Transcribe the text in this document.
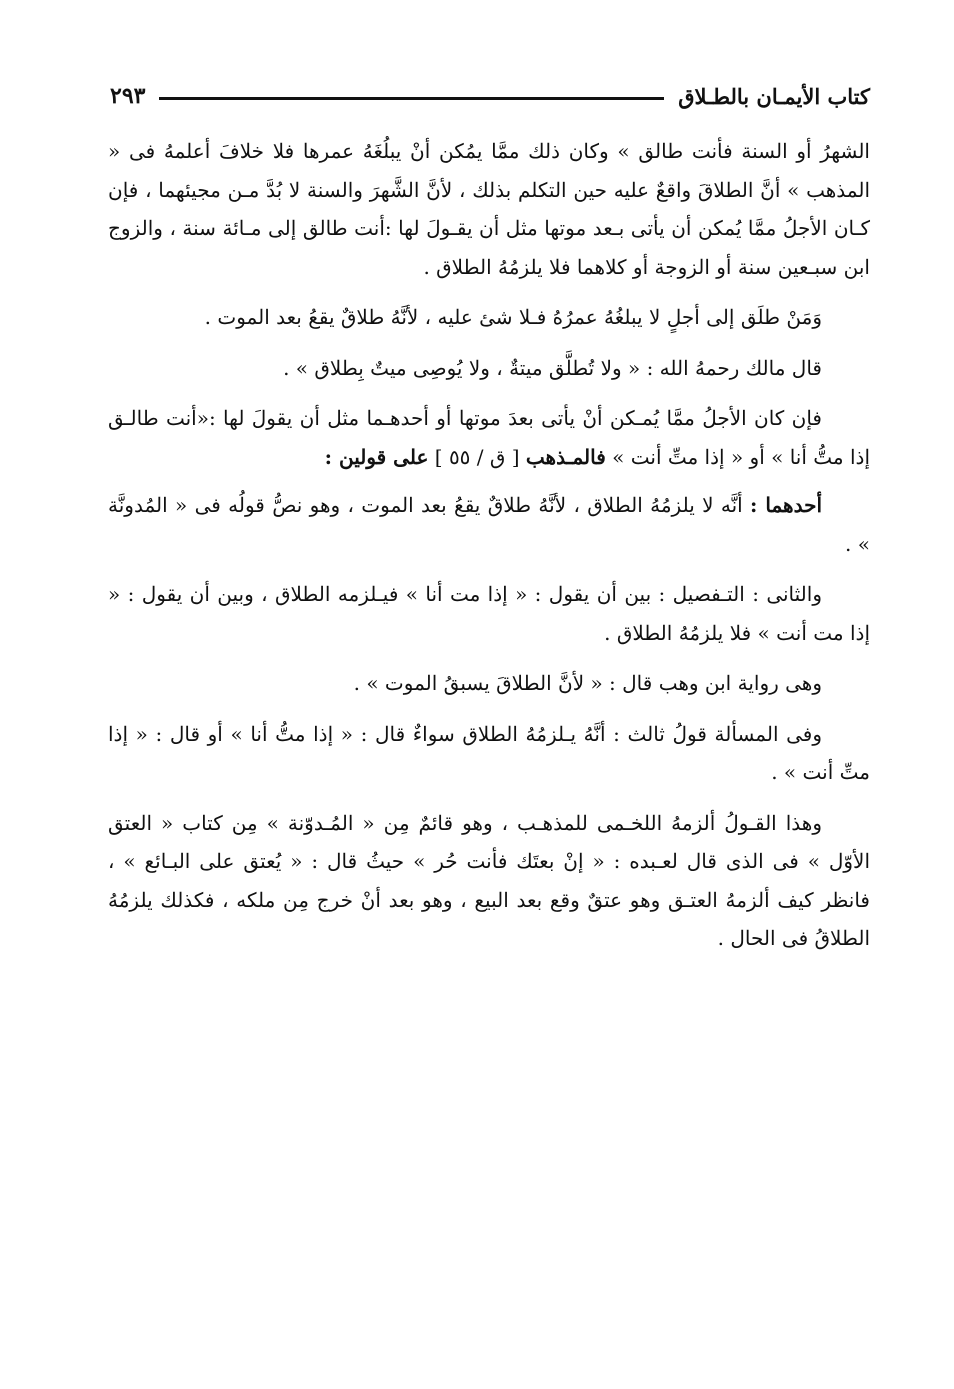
كتاب الأيمـان بالطـلاق
٢٩٣

الشهرُ أو السنة فأنت طالق » وكان ذلك ممَّا يمُكن أنْ يبلُغَهُ عمرها فلا خلافَ أعلمهُ فى « المذهب » أنَّ الطلاقَ واقعٌ عليه حين التكلم بذلك ، لأنَّ الشَّهرَ والسنة لا بُدَّ مـن مجيئهما ، فإن كـان الأجلُ ممَّا يُمكن أن يأتى بـعد موتها مثل أن يقـولَ لها :أنت طالق إلى مـائة سنة ، والزوج ابن سبـعين سنة أو الزوجة أو كلاهما فلا يلزمُهُ الطلاق .

وَمَنْ طلَق إلى أجلٍ لا يبلغُهُ عمرُهُ فـلا شئ عليه ، لأنَّهُ طلاقٌ يقعُ بعد الموت .

قال مالك رحمهُ الله : « ولا تُطلَّق ميتةٌ ، ولا يُوصِى ميتٌ بِطلاق » .

فإن كان الأجلُ ممَّا يُمـكن أنْ يأتى بعدَ موتها أو أحدهـما مثل أن يقولَ لها :«أنت طالـق إذا متُّ أنا » أو « إذا متِّ أنت » فالمـذهب [ ق / ٥٥ ] على قولين :

أحدهما : أنَّه لا يلزمُهُ الطلاق ، لأنَّهُ طلاقٌ يقعُ بعد الموت ، وهو نصُّ قولُه فى « المُدونَّة » .

والثانى : التـفصيل : بين أن يقول : « إذا مت أنا » فيـلزمه الطلاق ، وبين أن يقول : « إذا مت أنت » فلا يلزمُهُ الطلاق .

وهى رواية ابن وهب قال : « لأنَّ الطلاقَ يسبقُ الموت » .

وفى المسألة قولُ ثالث : أنَّهُ يـلزمُهُ الطلاق سواءٌ قال : « إذا متُّ أنا » أو قال : « إذا متِّ أنت » .

وهذا القـولُ ألزمهُ اللخـمى للمذهـب ، وهو قائمٌ مِن « المُـدوّنة » مِن كتاب « العتق الأوّل » فى الذى قال لعـبده : « إنْ بعتَك فأنت حُر » حيثُ قال : « يُعتق على البـائع » ، فانظر كيف ألزمهُ العتـق وهو عتقٌ وقع بعد البيع ، وهو بعد أنْ خرج مِن ملكه ، فكذلك يلزمُهُ الطلاقُ فى الحال .
